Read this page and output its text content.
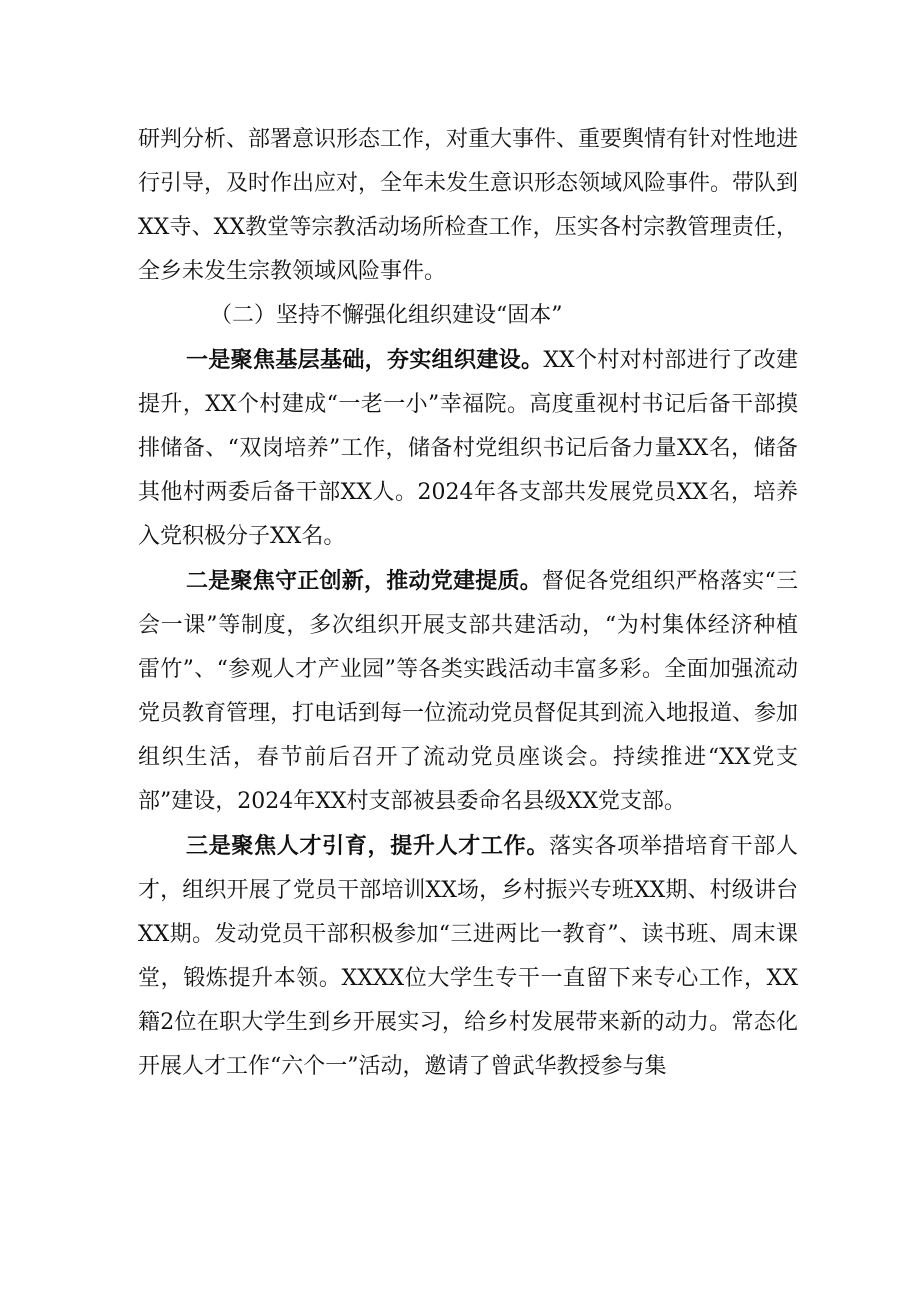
研判分析、部署意识形态工作，对重大事件、重要舆情有针对性地进行引导，及时作出应对，全年未发生意识形态领域风险事件。带队到XX寺、XX教堂等宗教活动场所检查工作，压实各村宗教管理责任，全乡未发生宗教领域风险事件。

（二）坚持不懈强化组织建设“固本”

一是聚焦基层基础，夯实组织建设。XX个村对村部进行了改建提升，XX个村建成“一老一小”幸福院。高度重视村书记后备干部摸排储备、“双岗培养”工作，储备村党组织书记后备力量XX名，储备其他村两委后备干部XX人。2024年各支部共发展党员XX名，培养入党积极分子XX名。

二是聚焦守正创新，推动党建提质。督促各党组织严格落实“三会一课”等制度，多次组织开展支部共建活动，“为村集体经济种植雷竹”、“参观人才产业园”等各类实践活动丰富多彩。全面加强流动党员教育管理，打电话到每一位流动党员督促其到流入地报道、参加组织生活，春节前后召开了流动党员座谈会。持续推进“XX党支部”建设，2024年XX村支部被县委命名县级XX党支部。

三是聚焦人才引育，提升人才工作。落实各项举措培育干部人才，组织开展了党员干部培训XX场，乡村振兴专班XX期、村级讲台XX期。发动党员干部积极参加“三进两比一教育”、读书班、周末课堂，锻炼提升本领。XXXX位大学生专干一直留下来专心工作，XX籍2位在职大学生到乡开展实习，给乡村发展带来新的动力。常态化开展人才工作“六个一”活动，邀请了曾武华教授参与集
